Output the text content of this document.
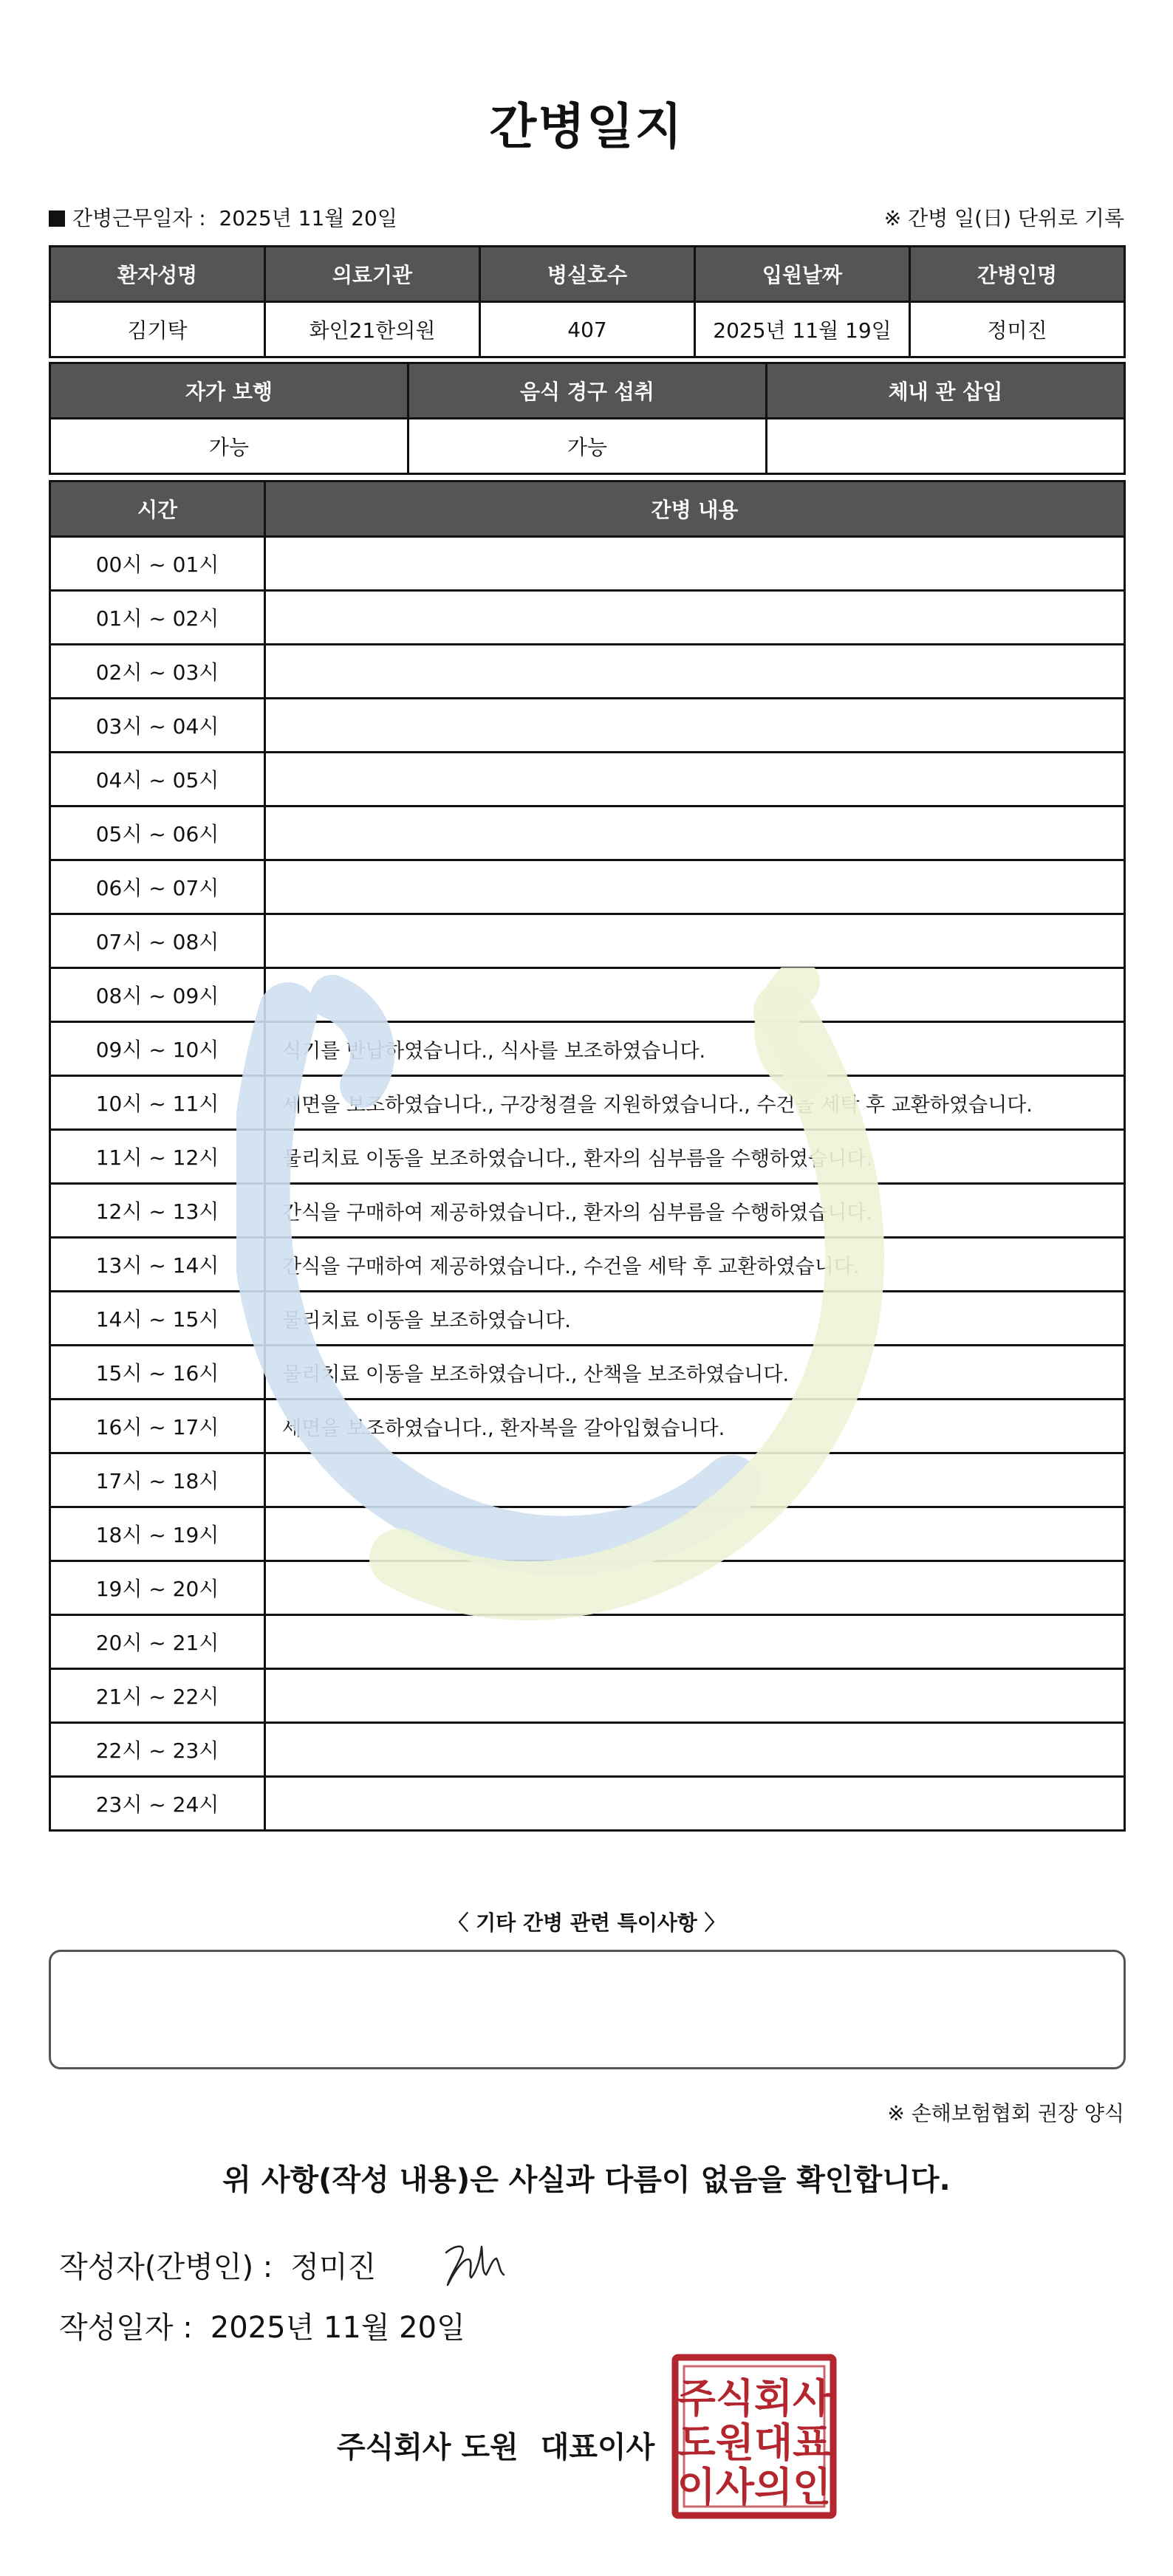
간병일지
간병근무일자 : 2025년 11월 20일	※ 간병 일(日) 단위로 기록
환자성명	의료기관	병실호수	입원날짜	간병인명
김기탁	화인21한의원	407	2025년 11월 19일	정미진
자가 보행	음식 경구 섭취	체내 관 삽입
가능	가능	
시간	간병 내용
00시 ~ 01시	
01시 ~ 02시	
02시 ~ 03시	
03시 ~ 04시	
04시 ~ 05시	
05시 ~ 06시	
06시 ~ 07시	
07시 ~ 08시	
08시 ~ 09시	
09시 ~ 10시	식기를 반납하였습니다., 식사를 보조하였습니다.
10시 ~ 11시	세면을 보조하였습니다., 구강청결을 지원하였습니다., 수건을 세탁 후 교환하였습니다.
11시 ~ 12시	물리치료 이동을 보조하였습니다., 환자의 심부름을 수행하였습니다.
12시 ~ 13시	간식을 구매하여 제공하였습니다., 환자의 심부름을 수행하였습니다.
13시 ~ 14시	간식을 구매하여 제공하였습니다., 수건을 세탁 후 교환하였습니다.
14시 ~ 15시	물리치료 이동을 보조하였습니다.
15시 ~ 16시	물리치료 이동을 보조하였습니다., 산책을 보조하였습니다.
16시 ~ 17시	세면을 보조하였습니다., 환자복을 갈아입혔습니다.
17시 ~ 18시	
18시 ~ 19시	
19시 ~ 20시	
20시 ~ 21시	
21시 ~ 22시	
22시 ~ 23시	
23시 ~ 24시	
〈 기타 간병 관련 특이사항 〉
※ 손해보험협회 권장 양식
위 사항(작성 내용)은 사실과 다름이 없음을 확인합니다.
작성자(간병인) : 정미진
작성일자 : 2025년 11월 20일
주식회사 도원 대표이사
주식회사
도원대표
이사의인
